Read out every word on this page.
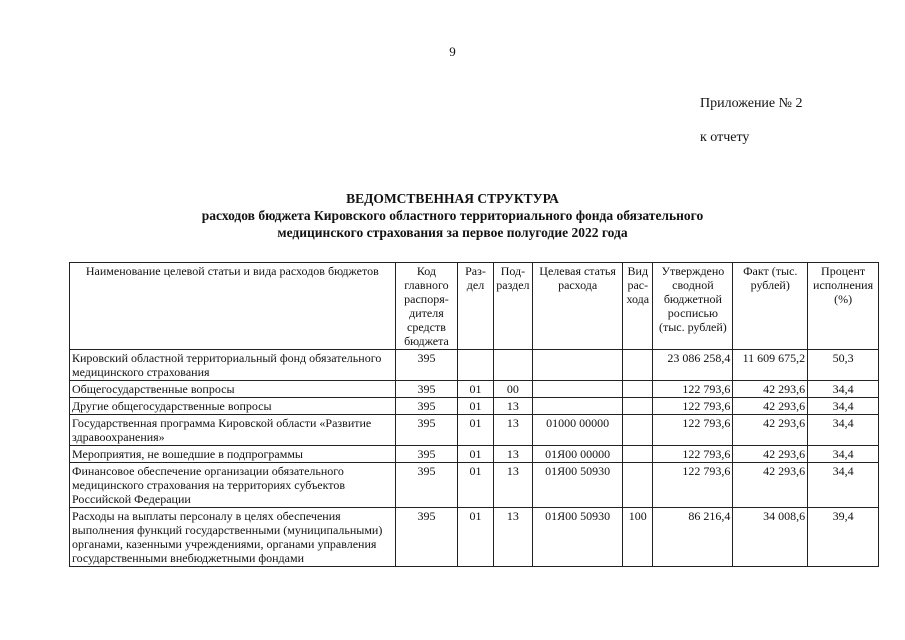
9
Приложение № 2
к отчету
ВЕДОМСТВЕННАЯ СТРУКТУРА
расходов бюджета Кировского областного территориального фонда обязательного
медицинского страхования за первое полугодие 2022 года
Наименование целевой статьи и вида расходов бюджетов	Код главного распоря- дителя средств бюджета	Раз- дел	Под- раздел	Целевая статья расхода	Вид рас- хода	Утверждено сводной бюджетной росписью (тыс. рублей)	Факт (тыс. рублей)	Процент исполнения (%)
Кировский областной территориальный фонд обязательного медицинского страхования	395					23 086 258,4	11 609 675,2	50,3
Общегосударственные вопросы	395	01	00			122 793,6	42 293,6	34,4
Другие общегосударственные вопросы	395	01	13			122 793,6	42 293,6	34,4
Государственная программа Кировской области «Развитие здравоохранения»	395	01	13	01000 00000		122 793,6	42 293,6	34,4
Мероприятия, не вошедшие в подпрограммы	395	01	13	01Я00 00000		122 793,6	42 293,6	34,4
Финансовое обеспечение организации обязательного медицинского страхования на территориях субъектов Российской Федерации	395	01	13	01Я00 50930		122 793,6	42 293,6	34,4
Расходы на выплаты персоналу в целях обеспечения выполнения функций государственными (муниципальными) органами, казенными учреждениями, органами управления государственными внебюджетными фондами	395	01	13	01Я00 50930	100	86 216,4	34 008,6	39,4
